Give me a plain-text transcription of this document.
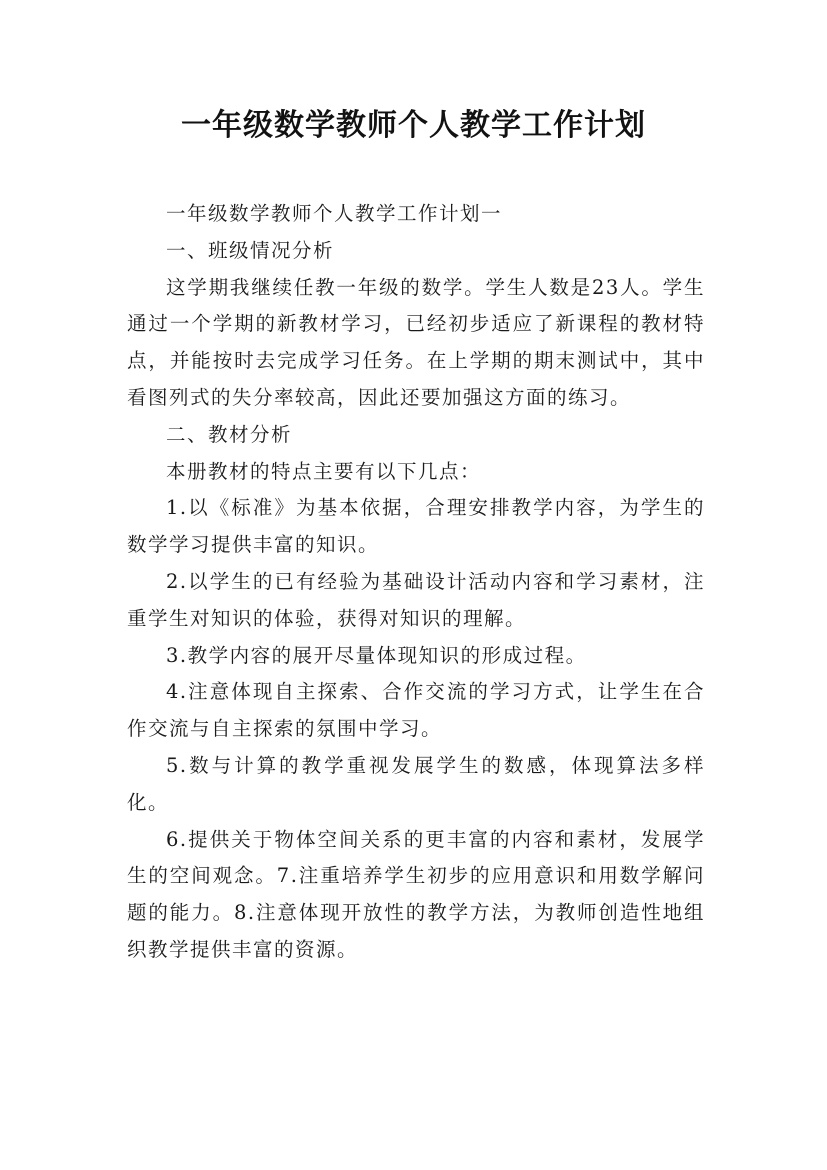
一年级数学教师个人教学工作计划

一年级数学教师个人教学工作计划一

一、班级情况分析

这学期我继续任教一年级的数学。学生人数是23人。学生通过一个学期的新教材学习，已经初步适应了新课程的教材特点，并能按时去完成学习任务。在上学期的期末测试中，其中看图列式的失分率较高，因此还要加强这方面的练习。

二、教材分析

本册教材的特点主要有以下几点：

1.以《标准》为基本依据，合理安排教学内容，为学生的数学学习提供丰富的知识。

2.以学生的已有经验为基础设计活动内容和学习素材，注重学生对知识的体验，获得对知识的理解。

3.教学内容的展开尽量体现知识的形成过程。

4.注意体现自主探索、合作交流的学习方式，让学生在合作交流与自主探索的氛围中学习。

5.数与计算的教学重视发展学生的数感，体现算法多样化。

6.提供关于物体空间关系的更丰富的内容和素材，发展学生的空间观念。7.注重培养学生初步的应用意识和用数学解问题的能力。8.注意体现开放性的教学方法，为教师创造性地组织教学提供丰富的资源。
